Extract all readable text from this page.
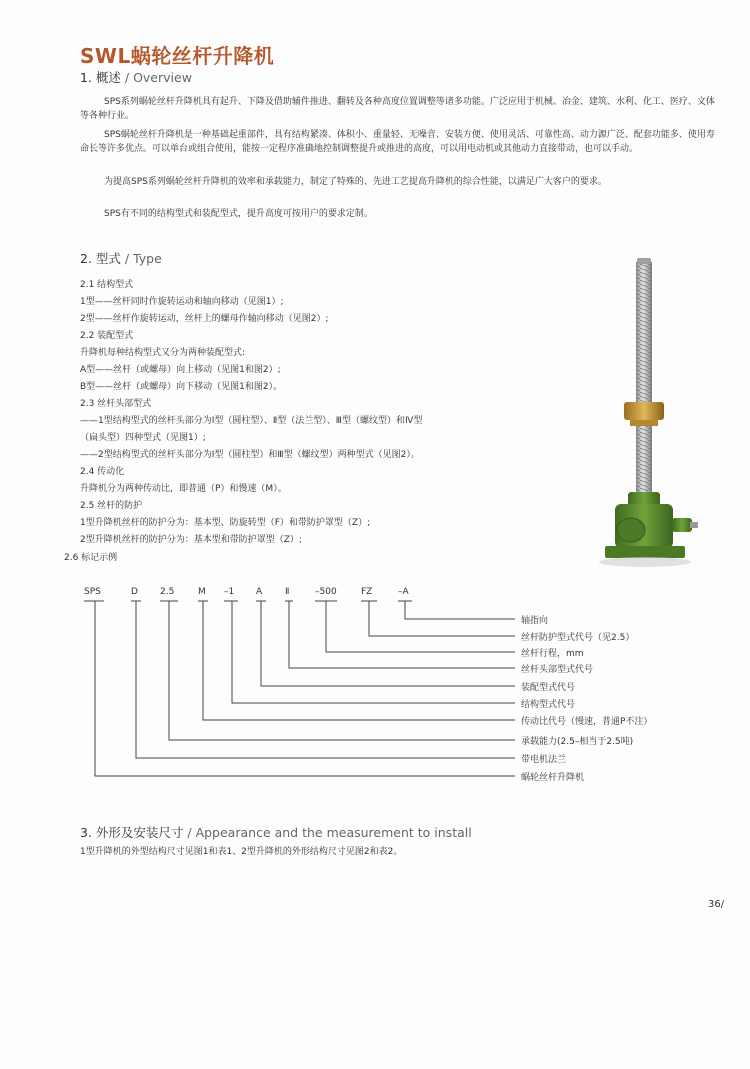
SWL蜗轮丝杆升降机
1. 概述 / Overview

SPS系列蜗轮丝杆升降机具有起升、下降及借助辅件推进、翻转及各种高度位置调整等诸多功能。广泛应用于机械、冶金、建筑、水利、化工、医疗、文体等各种行业。

SPS蜗轮丝杆升降机是一种基础起重部件，具有结构紧凑、体积小、重量轻、无噪音、安装方便、使用灵活、可靠性高、动力源广泛、配套功能多、使用寿命长等许多优点。可以单台或组合使用，能按一定程序准确地控制调整提升或推进的高度，可以用电动机或其他动力直接带动，也可以手动。

为提高SPS系列蜗轮丝杆升降机的效率和承载能力，制定了特殊的、先进工艺提高升降机的综合性能，以满足广大客户的要求。

SPS有不同的结构型式和装配型式，提升高度可按用户的要求定制。

2. 型式 / Type
2.1 结构型式
1型——丝杆同时作旋转运动和轴向移动（见图1）;
2型——丝杆作旋转运动，丝杆上的螺母作轴向移动（见图2）;
2.2 装配型式
升降机每种结构型式又分为两种装配型式:
A型——丝杆（或螺母）向上移动（见图1和图2）;
B型——丝杆（或螺母）向下移动（见图1和图2）。
2.3 丝杆头部型式
——1型结构型式的丝杆头部分为Ⅰ型（圆柱型）、Ⅱ型（法兰型）、Ⅲ型（螺纹型）和Ⅳ型
（扁头型）四种型式（见图1）;
——2型结构型式的丝杆头部分为Ⅰ型（圆柱型）和Ⅲ型（螺纹型）两种型式（见图2）。
2.4 传动化
升降机分为两种传动比，即普通（P）和慢速（M）。
2.5 丝杆的防护
1型升降机丝杆的防护分为：基本型、防旋转型（F）和带防护罩型（Z）;
2型升降机丝杆的防护分为：基本型和带防护罩型（Z）;
2.6 标记示例
SPS	D 2.5	M –1 A	Ⅱ	–500	FZ	–A
轴指向
丝杆防护型式代号（见2.5）
丝杆行程，mm
丝杆头部型式代号
装配型式代号
结构型式代号
传动比代号（慢速，普通P不注）
承载能力(2.5–相当于2.5吨)
带电机法兰
蜗轮丝杆升降机
3. 外形及安装尺寸 / Appearance and the measurement to install
1型升降机的外型结构尺寸见图1和表1、2型升降机的外形结构尺寸见图2和表2。
36/
